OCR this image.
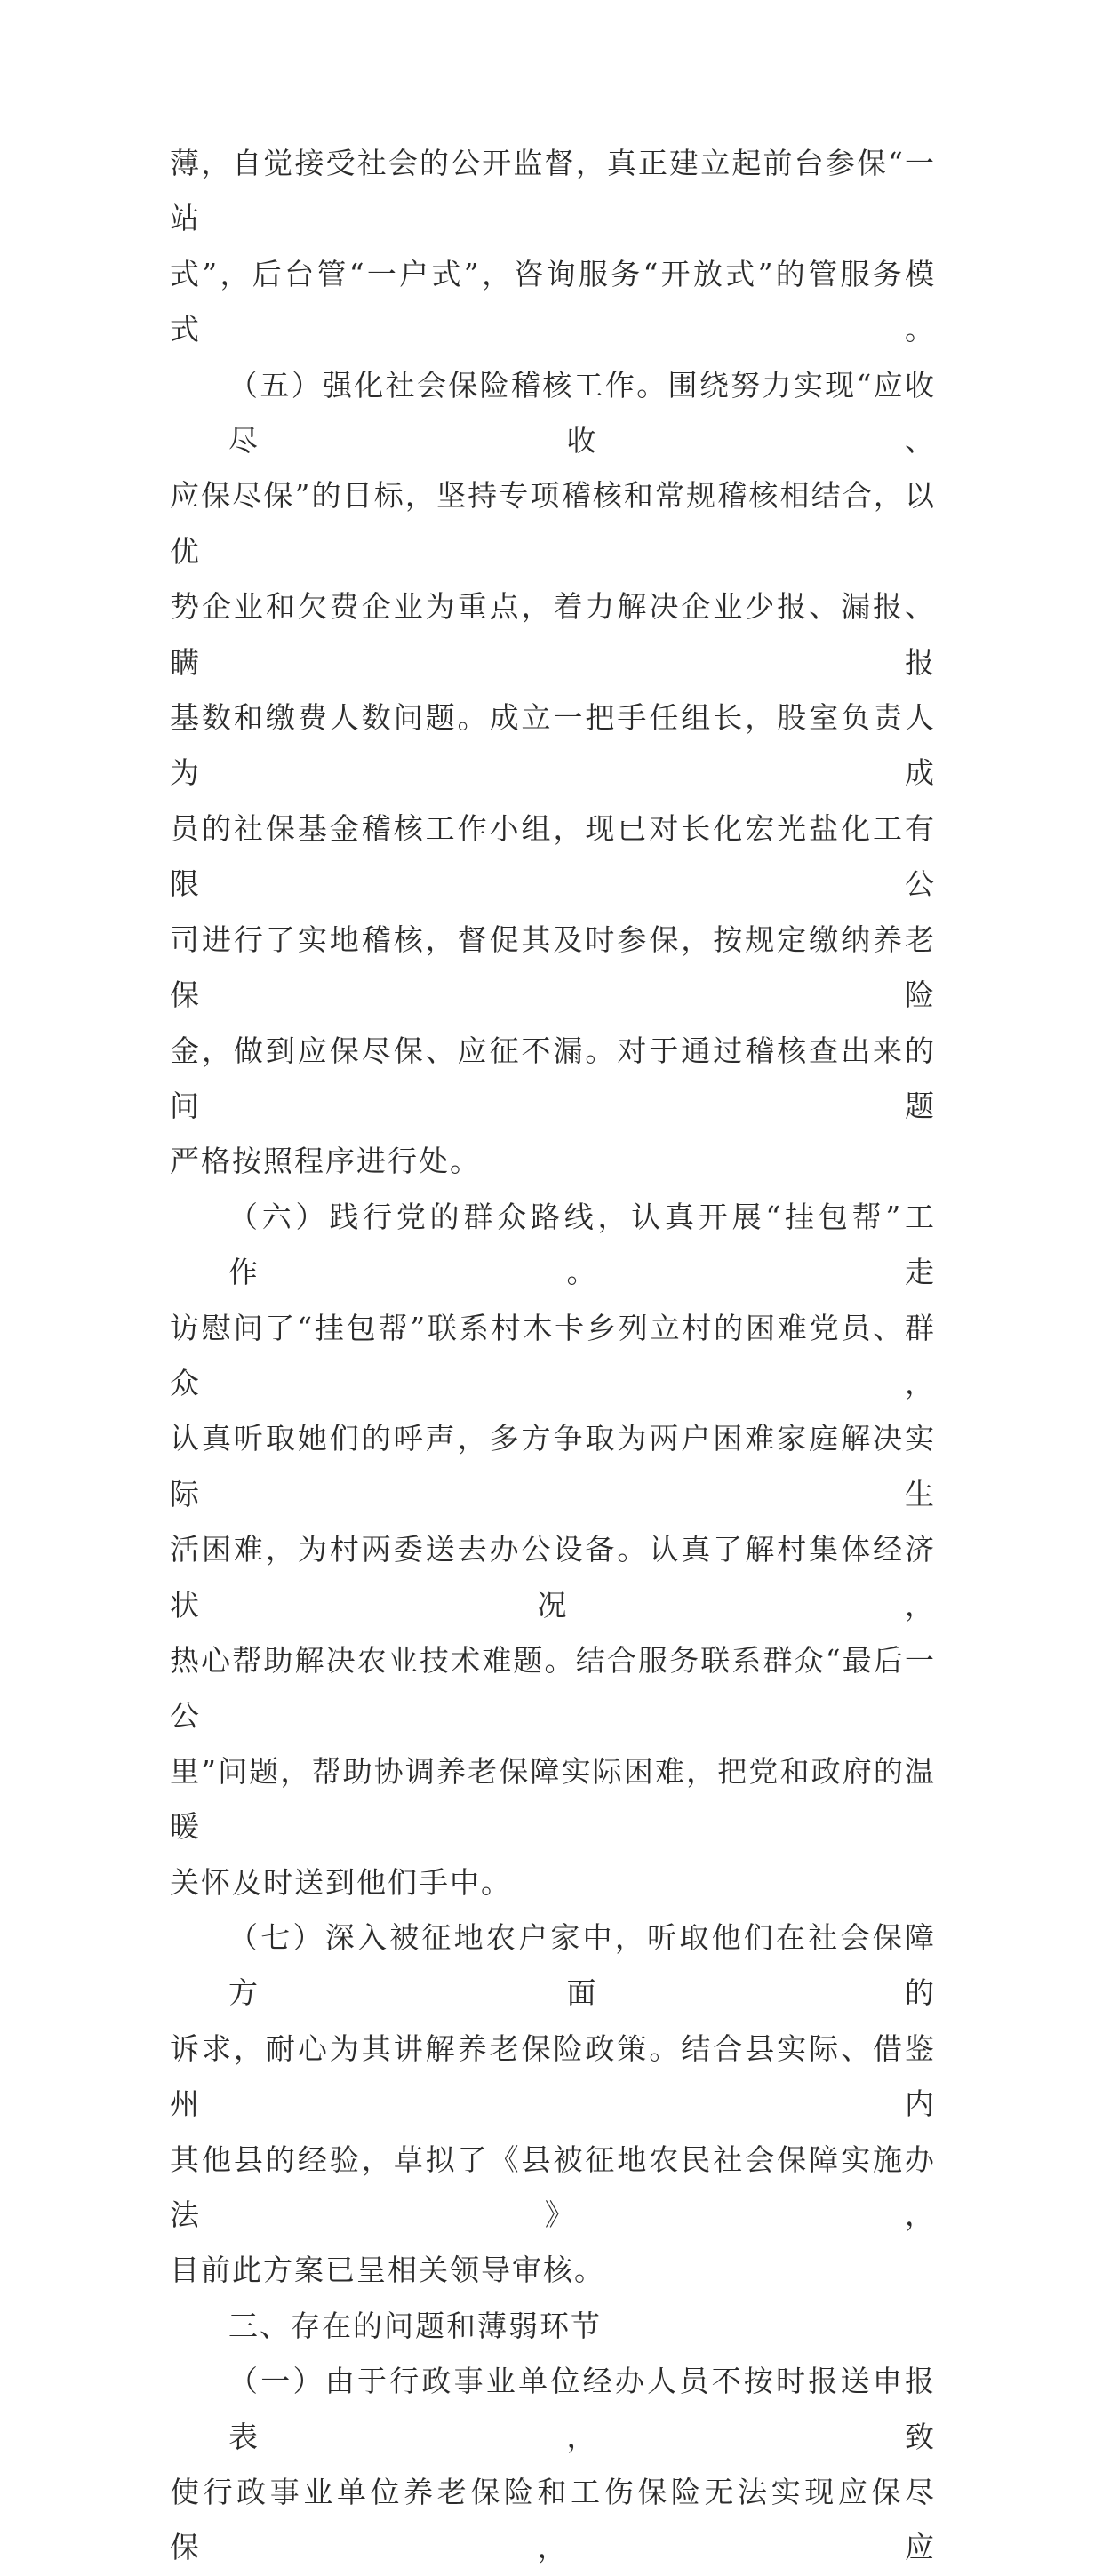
薄，自觉接受社会的公开监督，真正建立起前台参保“一站
式”，后台管“一户式”，咨询服务“开放式”的管服务模式。

（五）强化社会保险稽核工作。围绕努力实现“应收尽收、
应保尽保”的目标，坚持专项稽核和常规稽核相结合，以优
势企业和欠费企业为重点，着力解决企业少报、漏报、瞒报
基数和缴费人数问题。成立一把手任组长，股室负责人为成
员的社保基金稽核工作小组，现已对长化宏光盐化工有限公
司进行了实地稽核，督促其及时参保，按规定缴纳养老保险
金，做到应保尽保、应征不漏。对于通过稽核查出来的问题
严格按照程序进行处。

（六）践行党的群众路线，认真开展“挂包帮”工作。走
访慰问了“挂包帮”联系村木卡乡列立村的困难党员、群众，
认真听取她们的呼声，多方争取为两户困难家庭解决实际生
活困难，为村两委送去办公设备。认真了解村集体经济状况，
热心帮助解决农业技术难题。结合服务联系群众“最后一公
里”问题，帮助协调养老保障实际困难，把党和政府的温暖
关怀及时送到他们手中。

（七）深入被征地农户家中，听取他们在社会保障方面的
诉求，耐心为其讲解养老保险政策。结合县实际、借鉴州内
其他县的经验，草拟了《县被征地农民社会保障实施办法》，
目前此方案已呈相关领导审核。

三、存在的问题和薄弱环节

（一）由于行政事业单位经办人员不按时报送申报表，致
使行政事业单位养老保险和工伤保险无法实现应保尽保，应
